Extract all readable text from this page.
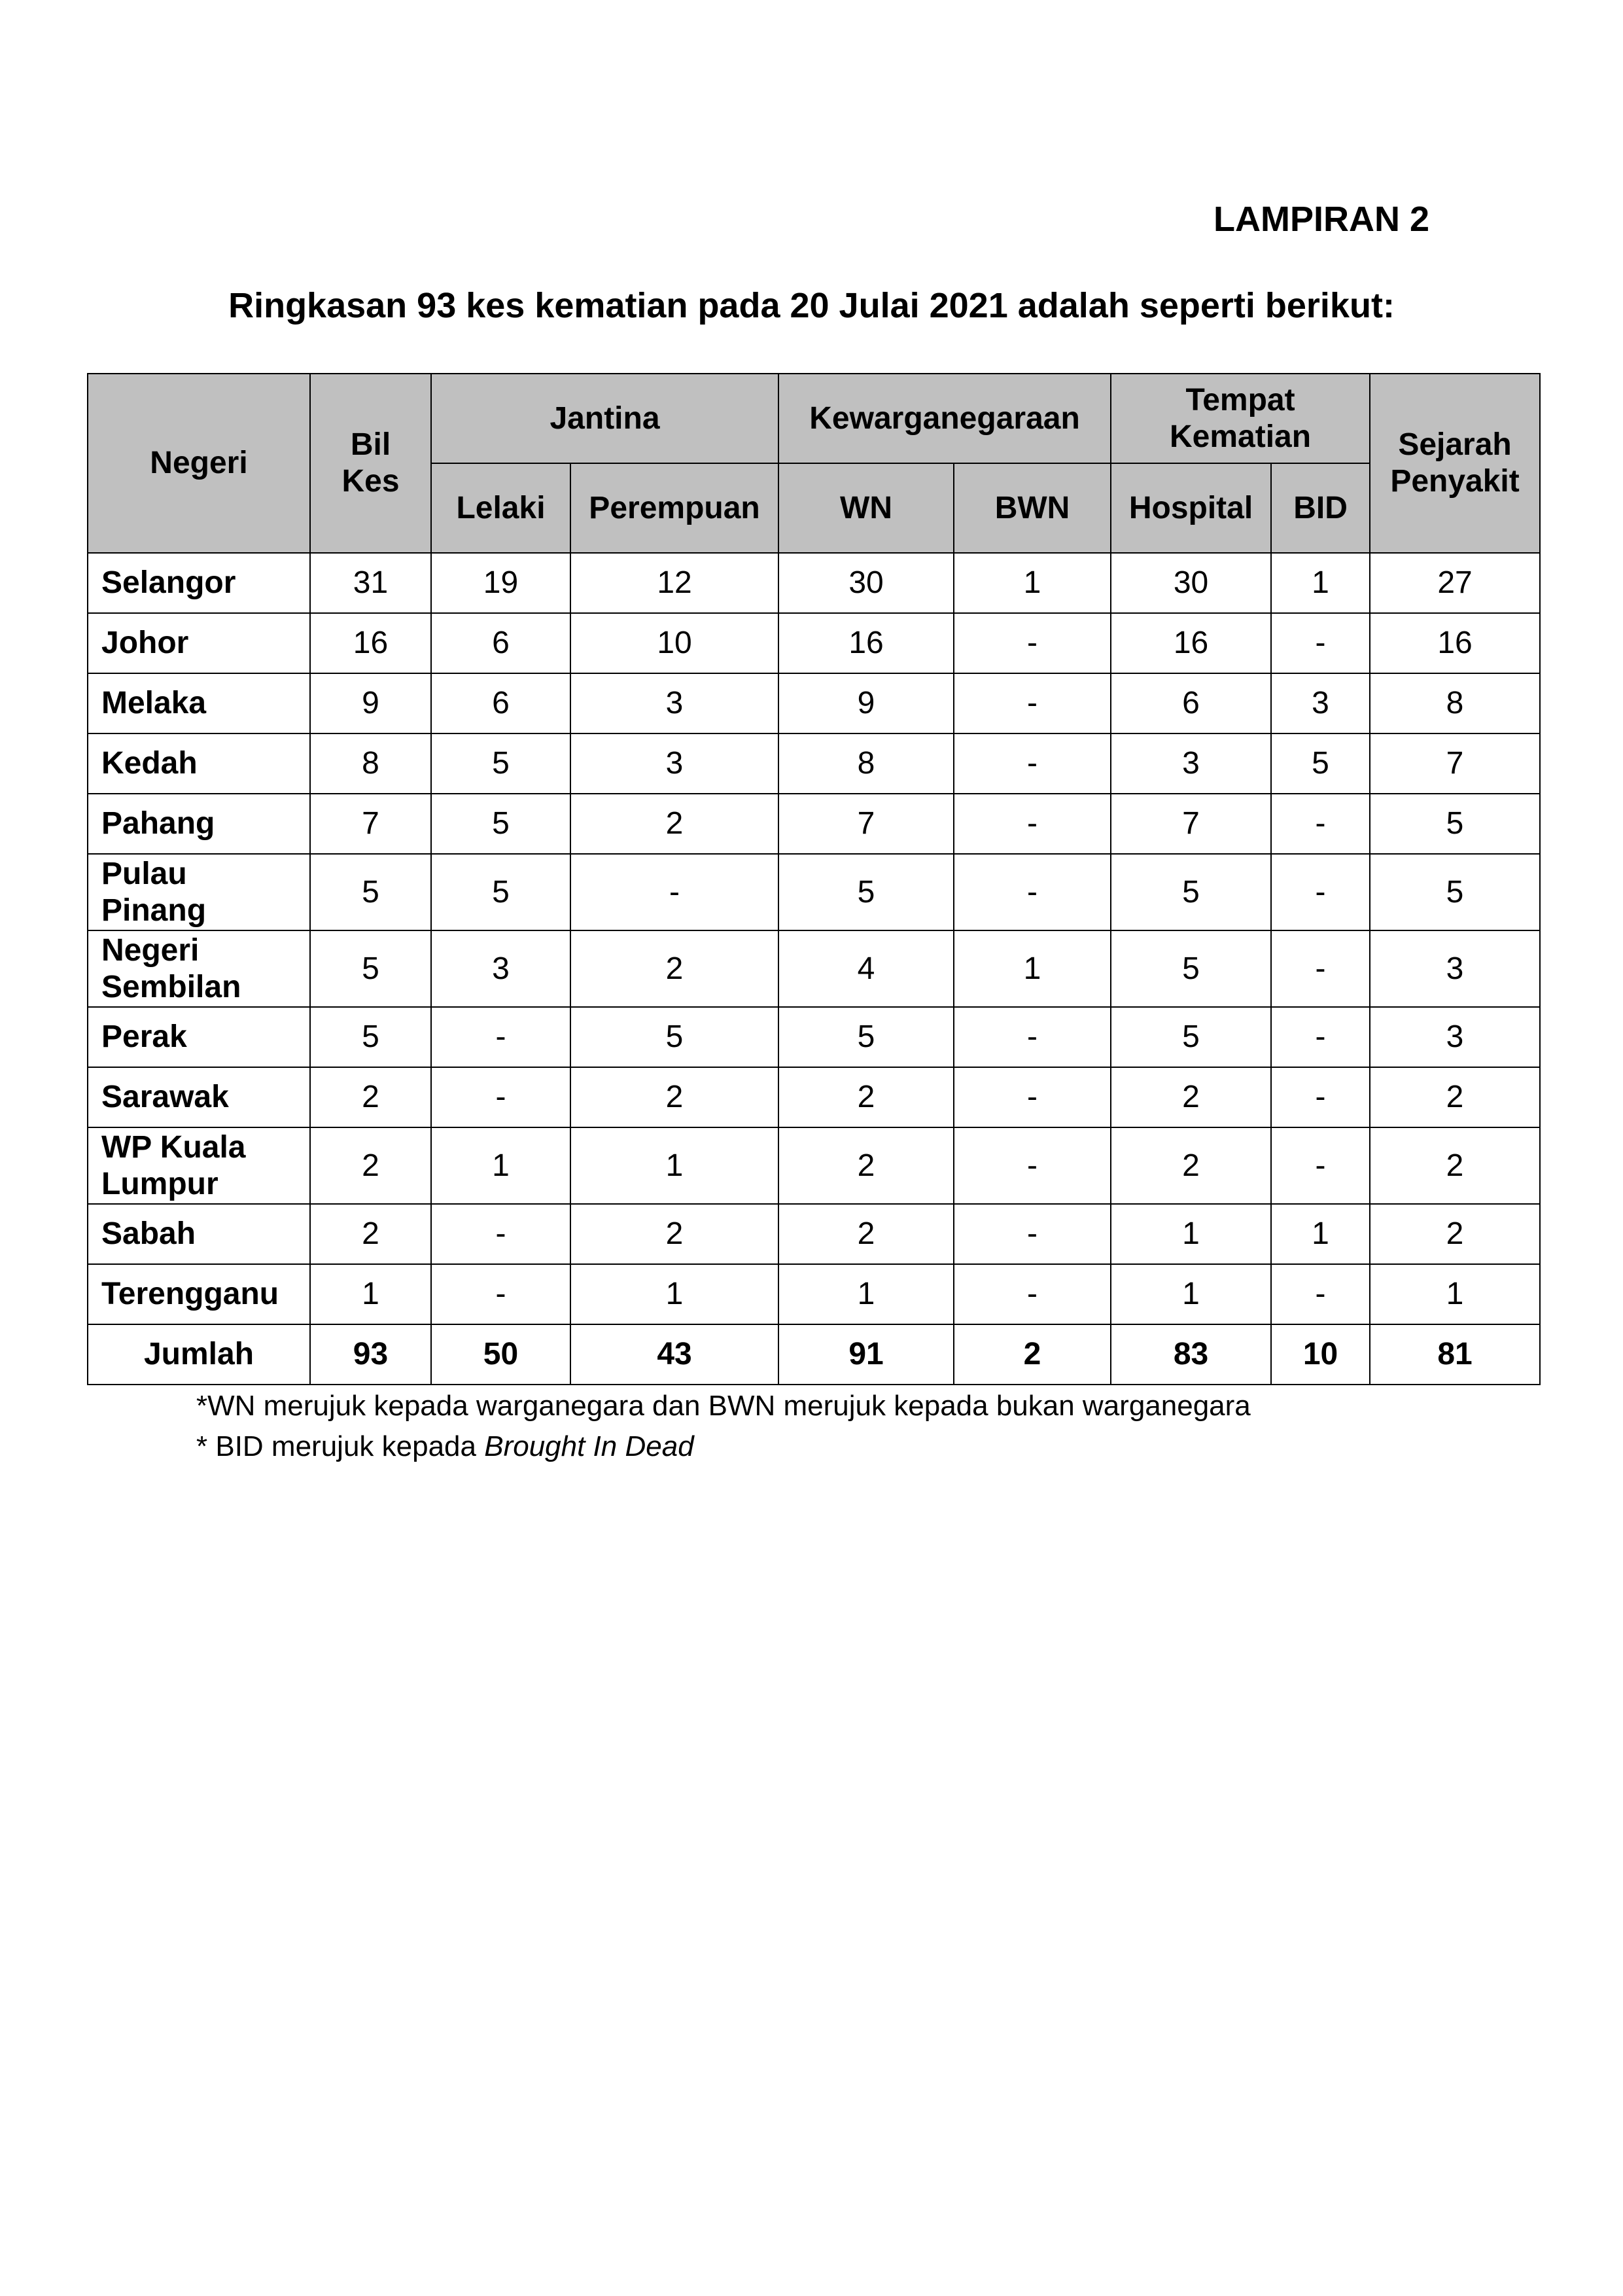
LAMPIRAN 2
Ringkasan 93 kes kematian pada 20 Julai 2021 adalah seperti berikut:
Negeri	Bil Kes	Jantina		Kewarganegaraan		Tempat Kematian		Sejarah Penyakit
		Lelaki	Perempuan	WN	BWN	Hospital	BID	
Selangor	31	19	12	30	1	30	1	27
Johor	16	6	10	16	-	16	-	16
Melaka	9	6	3	9	-	6	3	8
Kedah	8	5	3	8	-	3	5	7
Pahang	7	5	2	7	-	7	-	5
Pulau Pinang	5	5	-	5	-	5	-	5
Negeri Sembilan	5	3	2	4	1	5	-	3
Perak	5	-	5	5	-	5	-	3
Sarawak	2	-	2	2	-	2	-	2
WP Kuala Lumpur	2	1	1	2	-	2	-	2
Sabah	2	-	2	2	-	1	1	2
Terengganu	1	-	1	1	-	1	-	1
Jumlah	93	50	43	91	2	83	10	81
*WN merujuk kepada warganegara dan BWN merujuk kepada bukan warganegara
* BID merujuk kepada Brought In Dead
